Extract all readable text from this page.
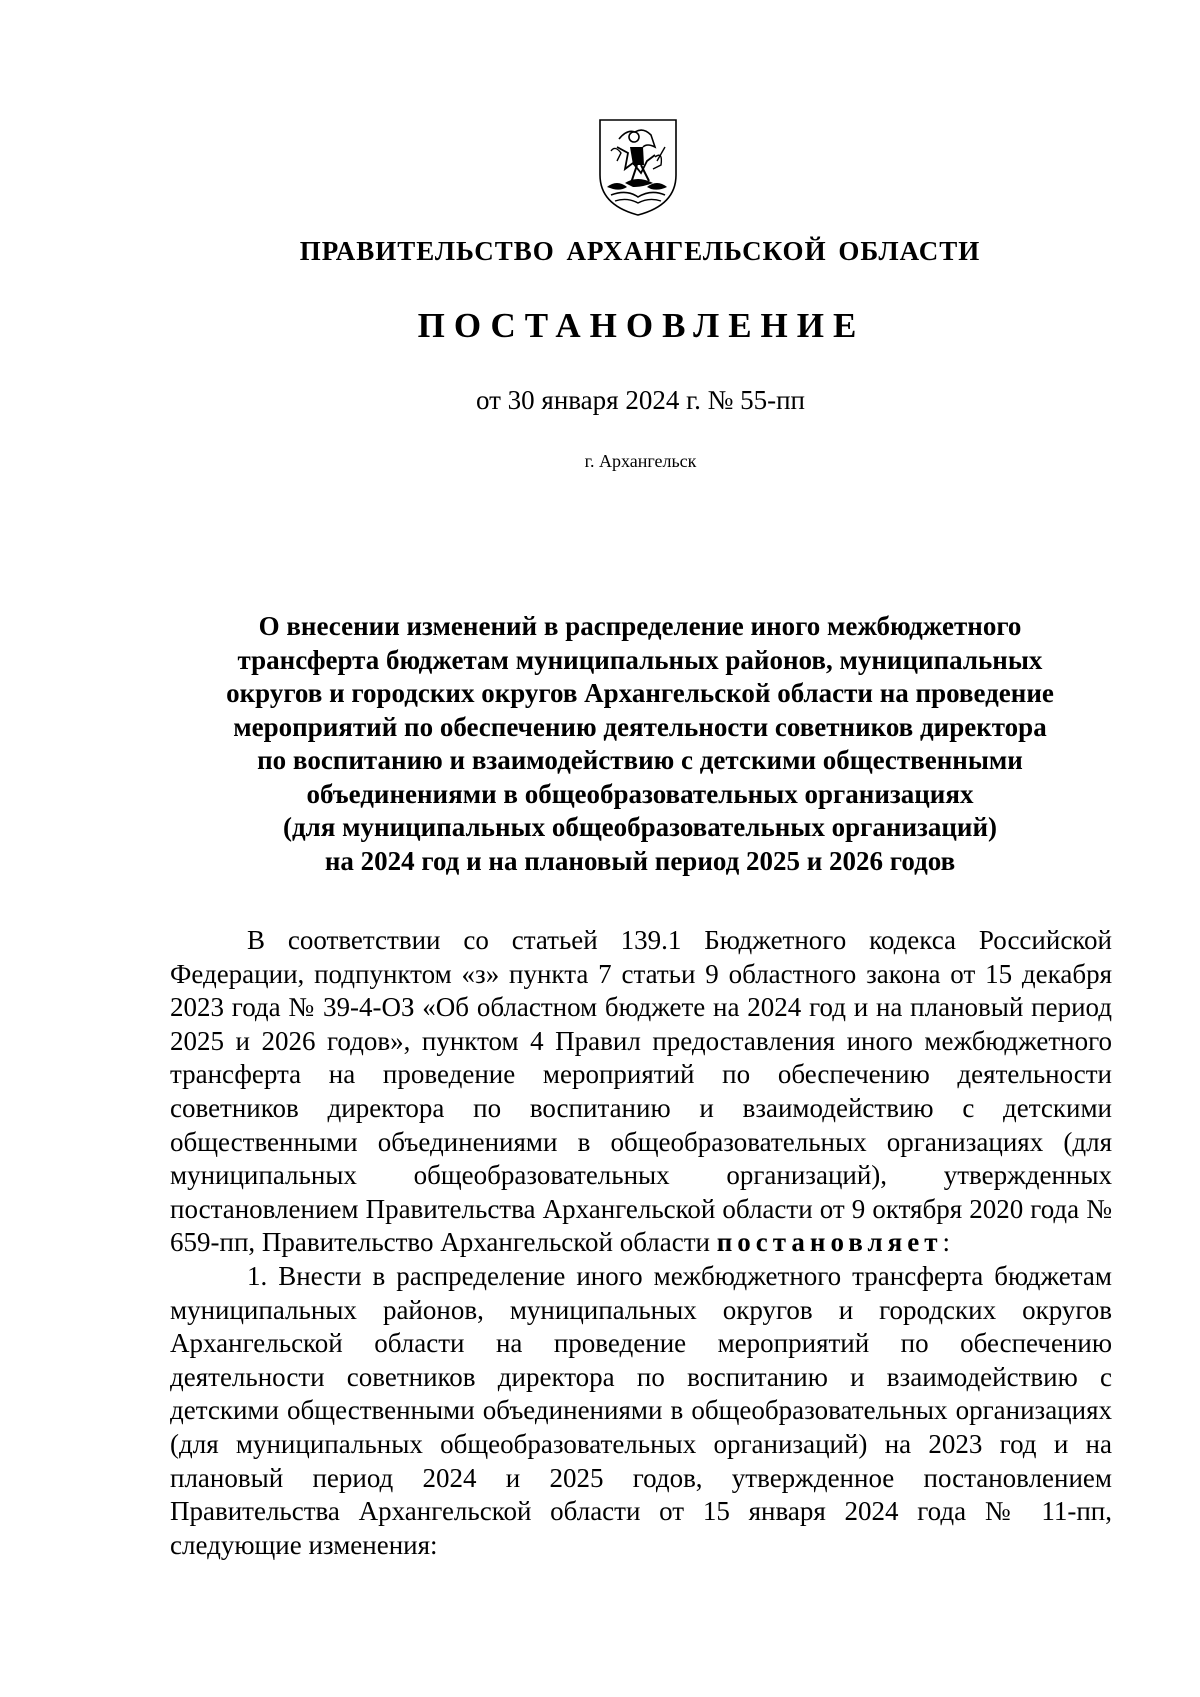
ПРАВИТЕЛЬСТВО АРХАНГЕЛЬСКОЙ ОБЛАСТИ
ПОСТАНОВЛЕНИЕ
от 30 января 2024 г. № 55-пп
г. Архангельск
О внесении изменений в распределение иного межбюджетного
трансферта бюджетам муниципальных районов, муниципальных
округов и городских округов Архангельской области на проведение
мероприятий по обеспечению деятельности советников директора
по воспитанию и взаимодействию с детскими общественными
объединениями в общеобразовательных организациях
(для муниципальных общеобразовательных организаций)
на 2024 год и на плановый период 2025 и 2026 годов

В соответствии со статьей 139.1 Бюджетного кодекса Российской Федерации, подпунктом «з» пункта 7 статьи 9 областного закона от 15 декабря 2023 года № 39-4-ОЗ «Об областном бюджете на 2024 год и на плановый период 2025 и 2026 годов», пунктом 4 Правил предоставления иного межбюджетного трансферта на проведение мероприятий по обеспечению деятельности советников директора по воспитанию и взаимодействию с детскими общественными объединениями в общеобразовательных организациях (для муниципальных общеобразовательных организаций), утвержденных постановлением Правительства Архангельской области от 9 октября 2020 года № 659-пп, Правительство Архангельской области постановляет:

1. Внести в распределение иного межбюджетного трансферта бюджетам муниципальных районов, муниципальных округов и городских округов Архангельской области на проведение мероприятий по обеспечению деятельности советников директора по воспитанию и взаимодействию с детскими общественными объединениями в общеобразовательных организациях (для муниципальных общеобразовательных организаций) на 2023 год и на плановый период 2024 и 2025 годов, утвержденное постановлением Правительства Архангельской области от 15 января 2024 года № 11-пп, следующие изменения:
